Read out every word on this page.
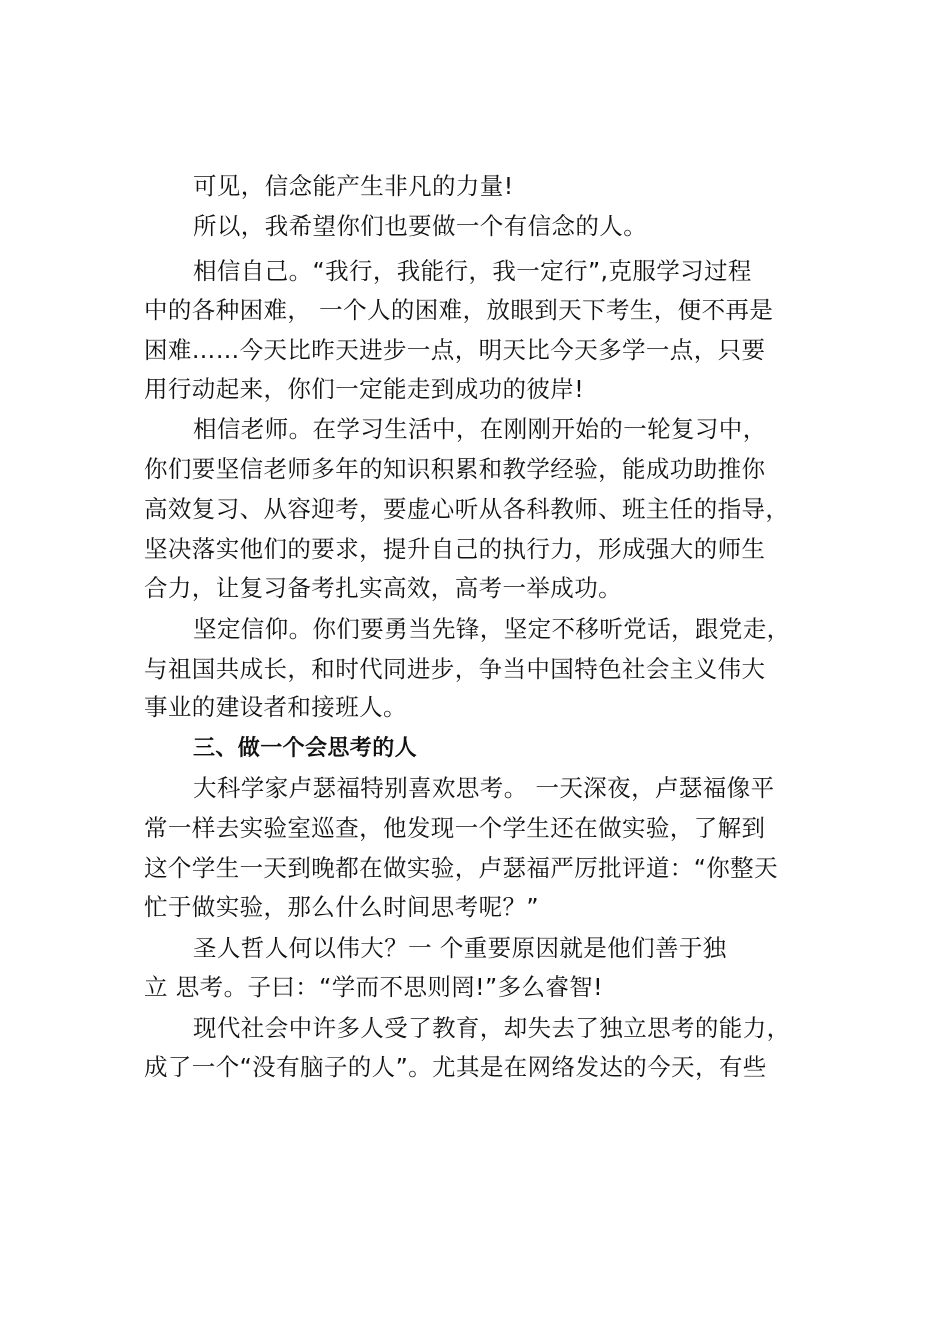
可见，信念能产生非凡的力量!
所以，我希望你们也要做一个有信念的人。
相信自己。“我行，我能行，我一定行”,克服学习过程
中的各种困难， 一个人的困难，放眼到天下考生，便不再是
困难……今天比昨天进步一点，明天比今天多学一点，只要
用行动起来，你们一定能走到成功的彼岸!
相信老师。在学习生活中，在刚刚开始的一轮复习中，
你们要坚信老师多年的知识积累和教学经验，能成功助推你
高效复习、从容迎考，要虚心听从各科教师、班主任的指导，
坚决落实他们的要求，提升自己的执行力，形成强大的师生
合力，让复习备考扎实高效，高考一举成功。
坚定信仰。你们要勇当先锋，坚定不移听党话，跟党走，
与祖国共成长，和时代同进步，争当中国特色社会主义伟大
事业的建设者和接班人。
三、做一个会思考的人
大科学家卢瑟福特别喜欢思考。 一天深夜，卢瑟福像平
常一样去实验室巡查，他发现一个学生还在做实验，了解到
这个学生一天到晚都在做实验，卢瑟福严厉批评道：“你整天
忙于做实验，那么什么时间思考呢？”
圣人哲人何以伟大？一 个重要原因就是他们善于独
立 思考。子曰：“学而不思则罔!”多么睿智!
现代社会中许多人受了教育，却失去了独立思考的能力，
成了一个“没有脑子的人”。尤其是在网络发达的今天，有些
